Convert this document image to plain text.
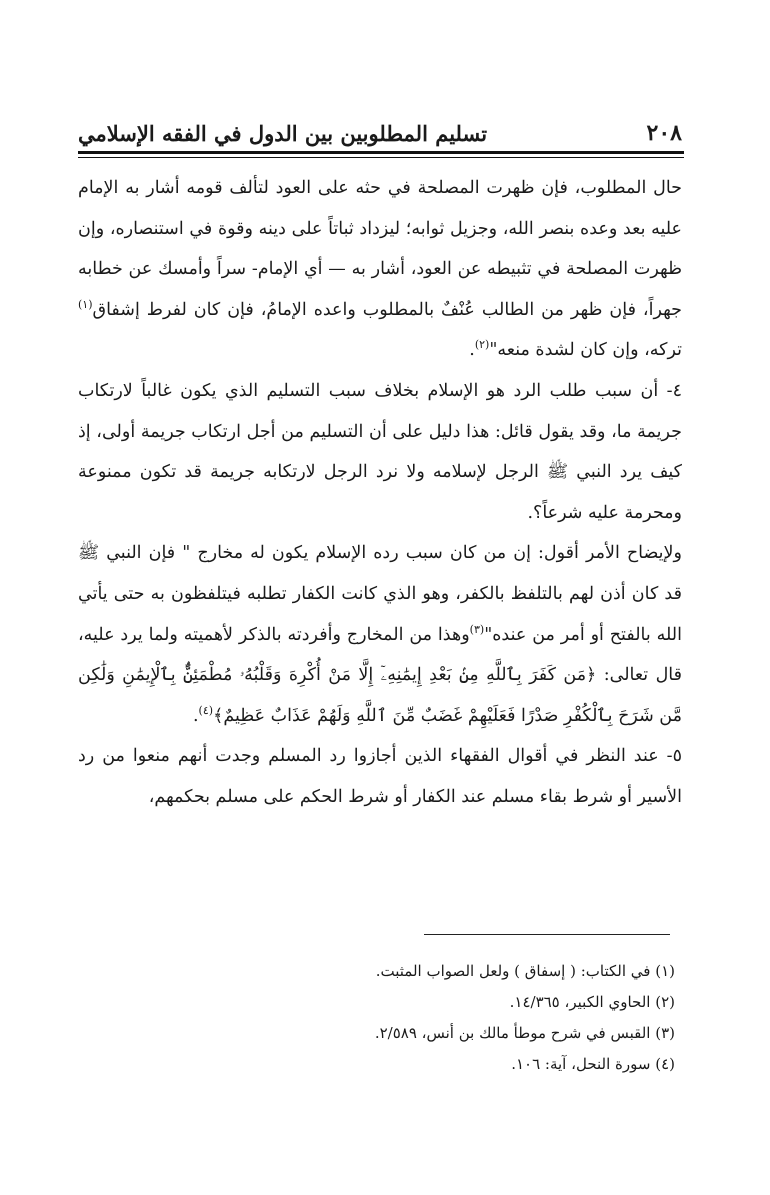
٢٠٨
تسليم المطلوبين بين الدول في الفقه الإسلامي

حال المطلوب، فإن ظهرت المصلحة في حثه على العود لتألف قومه أشار به الإمام عليه بعد وعده بنصر الله، وجزيل ثوابه؛ ليزداد ثباتاً على دينه وقوة في استنصاره، وإن ظهرت المصلحة في تثبيطه عن العود، أشار به — أي الإمام- سراً وأمسك عن خطابه جهراً، فإن ظهر من الطالب عُنْفٌ بالمطلوب واعده الإمامُ، فإن كان لفرط إشفاق$^{(١)}$ تركه، وإن كان لشدة منعه"$^{(٢)}$.

٤- أن سبب طلب الرد هو الإسلام بخلاف سبب التسليم الذي يكون غالباً لارتكاب جريمة ما، وقد يقول قائل: هذا دليل على أن التسليم من أجل ارتكاب جريمة أولى، إذ كيف يرد النبي ﷺ الرجل لإسلامه ولا نرد الرجل لارتكابه جريمة قد تكون ممنوعة ومحرمة عليه شرعاً؟.

ولإيضاح الأمر أقول: إن من كان سبب رده الإسلام يكون له مخارج " فإن النبي ﷺ قد كان أذن لهم بالتلفظ بالكفر، وهو الذي كانت الكفار تطلبه فيتلفظون به حتى يأتي الله بالفتح أو أمر من عنده"$^{(٣)}$وهذا من المخارج وأفردته بالذكر لأهميته ولما يرد عليه، قال تعالى: ﴿مَن كَفَرَ بِٱللَّهِ مِنۢ بَعْدِ إِيمَٰنِهِۦٓ إِلَّا مَنْ أُكْرِهَ وَقَلْبُهُۥ مُطْمَئِنٌّۢ بِٱلْإِيمَٰنِ وَلَٰكِن مَّن شَرَحَ بِٱلْكُفْرِ صَدْرًا فَعَلَيْهِمْ غَضَبٌ مِّنَ ٱللَّهِ وَلَهُمْ عَذَابٌ عَظِيمٌ﴾$^{(٤)}$.

٥- عند النظر في أقوال الفقهاء الذين أجازوا رد المسلم وجدت أنهم منعوا من رد الأسير أو شرط بقاء مسلم عند الكفار أو شرط الحكم على مسلم بحكمهم،

(١) في الكتاب: ( إسفاق ) ولعل الصواب المثبت.

(٢) الحاوي الكبير، ١٤/٣٦٥.

(٣) القبس في شرح موطأ مالك بن أنس، ٢/٥٨٩.

(٤) سورة النحل، آية: ١٠٦.
